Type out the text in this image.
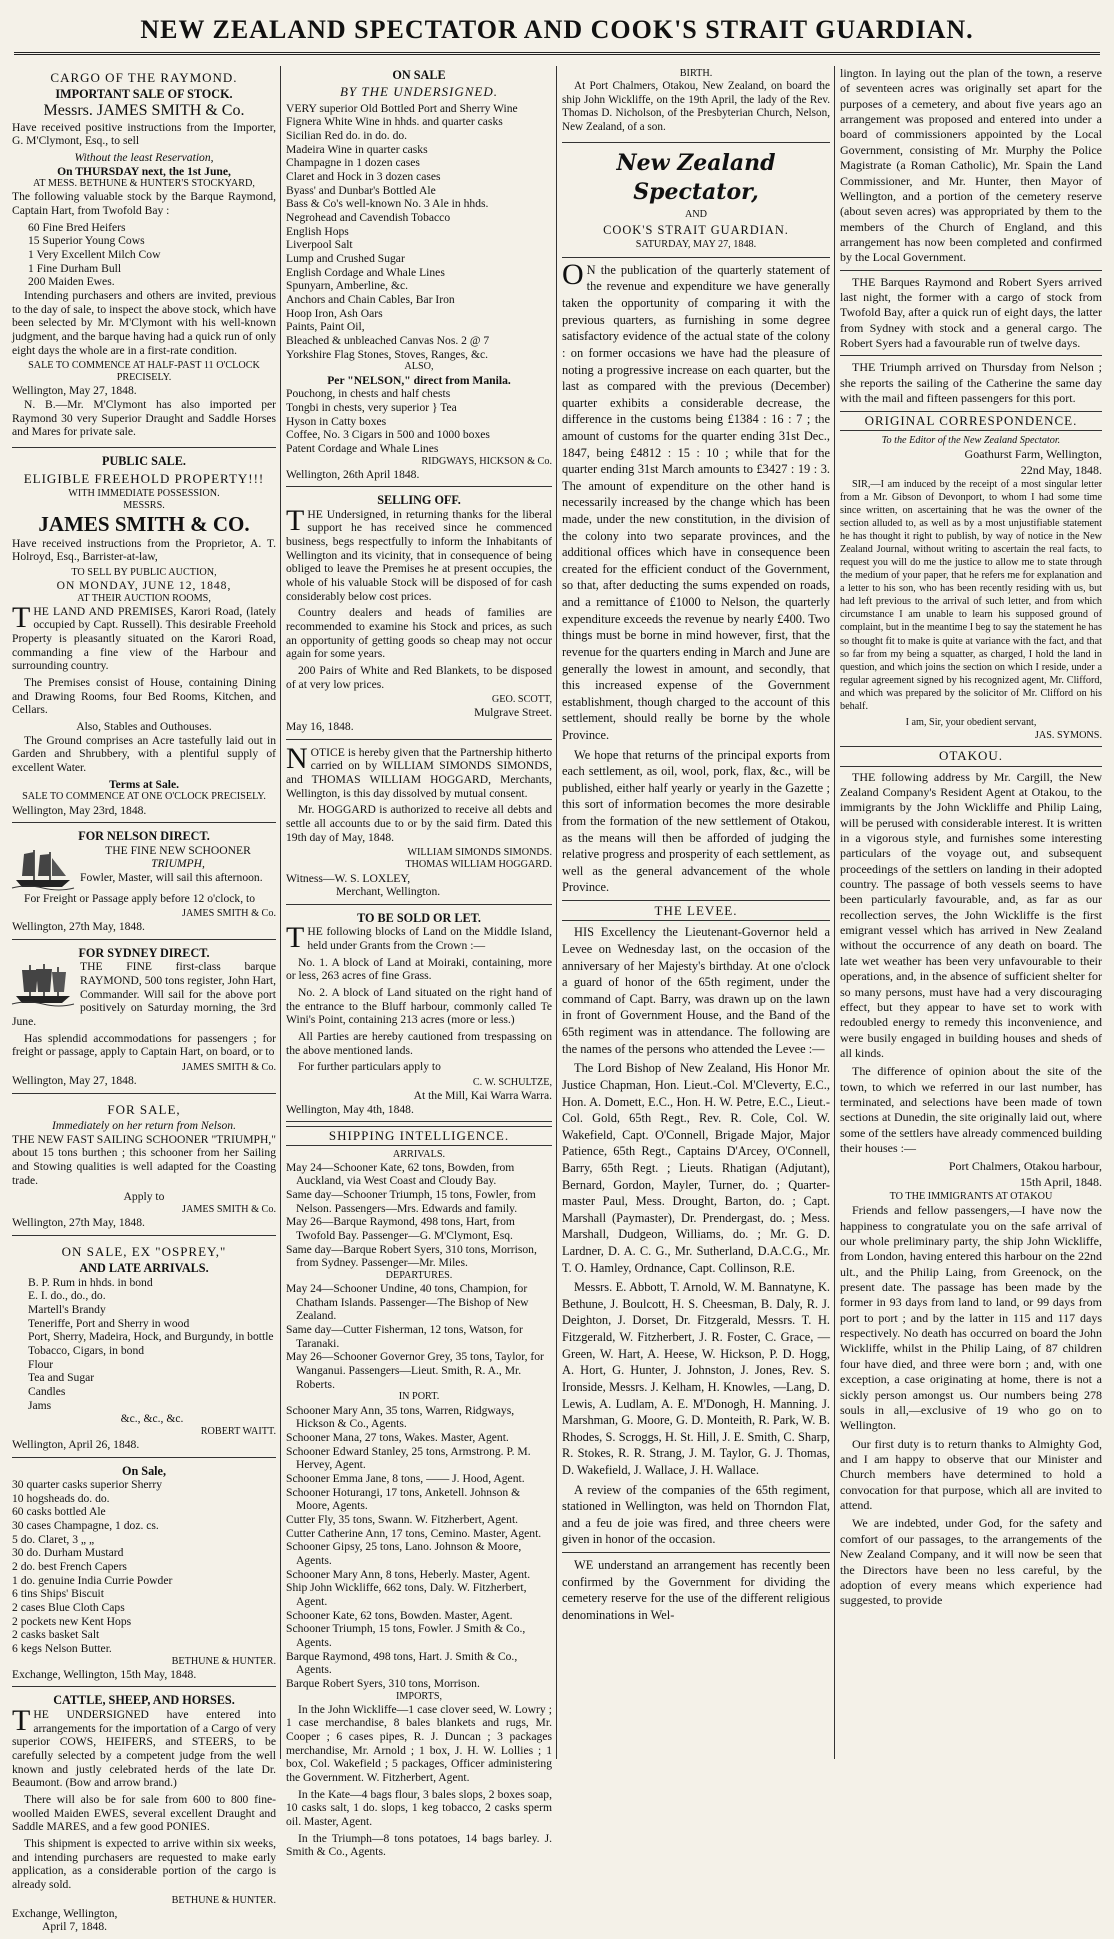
NEW ZEALAND SPECTATOR AND COOK'S STRAIT GUARDIAN.
CARGO OF THE RAYMOND.
IMPORTANT SALE OF STOCK.
Messrs. JAMES SMITH & Co.
Have received positive instructions from the Importer, G. M'Clymont, Esq., to sell
Without the least Reservation,
On THURSDAY next, the 1st June,
AT MESS. BETHUNE & HUNTER'S STOCKYARD,
The following valuable stock by the Barque Raymond, Captain Hart, from Twofold Bay :
60 Fine Bred Heifers
15 Superior Young Cows
1 Very Excellent Milch Cow
1 Fine Durham Bull
200 Maiden Ewes.
Intending purchasers and others are invited, previous to the day of sale, to inspect the above stock, which have been selected by Mr. M'Clymont with his well-known judgment, and the barque having had a quick run of only eight days the whole are in a first-rate condition.
SALE TO COMMENCE AT HALF-PAST 11 O'CLOCK PRECISELY.
Wellington, May 27, 1848.
N. B.—Mr. M'Clymont has also imported per Raymond 30 very Superior Draught and Saddle Horses and Mares for private sale.
PUBLIC SALE.
ELIGIBLE FREEHOLD PROPERTY!!!
WITH IMMEDIATE POSSESSION.
MESSRS.
JAMES SMITH & CO.
Have received instructions from the Proprietor, A. T. Holroyd, Esq., Barrister-at-law,
TO SELL BY PUBLIC AUCTION,
ON MONDAY, JUNE 12, 1848,
AT THEIR AUCTION ROOMS,
THE LAND AND PREMISES, Karori Road, (lately occupied by Capt. Russell). This desirable Freehold Property is pleasantly situated on the Karori Road, commanding a fine view of the Harbour and surrounding country.
The Premises consist of House, containing Dining and Drawing Rooms, four Bed Rooms, Kitchen, and Cellars.
Also, Stables and Outhouses.
The Ground comprises an Acre tastefully laid out in Garden and Shrubbery, with a plentiful supply of excellent Water.
Terms at Sale.
SALE TO COMMENCE AT ONE O'CLOCK PRECISELY.
Wellington, May 23rd, 1848.
FOR NELSON DIRECT.
THE FINE NEW SCHOONER
TRIUMPH,
Fowler, Master, will sail this afternoon.
For Freight or Passage apply before 12 o'clock, to
JAMES SMITH & Co.
Wellington, 27th May, 1848.
FOR SYDNEY DIRECT.
THE FINE first-class barque RAYMOND, 500 tons register, John Hart, Commander. Will sail for the above port positively on Saturday morning, the 3rd June.
Has splendid accommodations for passengers ; for freight or passage, apply to Captain Hart, on board, or to
JAMES SMITH & Co.
Wellington, May 27, 1848.
FOR SALE,
Immediately on her return from Nelson.
THE NEW FAST SAILING SCHOONER "TRIUMPH," about 15 tons burthen ; this schooner from her Sailing and Stowing qualities is well adapted for the Coasting trade.
Apply to
JAMES SMITH & Co.
Wellington, 27th May, 1848.
ON SALE, EX "OSPREY,"
AND LATE ARRIVALS.
B. P. Rum in hhds. in bond
E. I. do., do., do.
Martell's Brandy
Teneriffe, Port and Sherry in wood
Port, Sherry, Madeira, Hock, and Burgundy, in bottle
Tobacco, Cigars, in bond
Flour
Tea and Sugar
Candles
Jams
&c., &c., &c.
ROBERT WAITT.
Wellington, April 26, 1848.
On Sale,
30 quarter casks superior Sherry
10 hogsheads do. do.
60 casks bottled Ale
30 cases Champagne, 1 doz. cs.
5 do. Claret, 3 „ „
30 do. Durham Mustard
2 do. best French Capers
1 do. genuine India Currie Powder
6 tins Ships' Biscuit
2 cases Blue Cloth Caps
2 pockets new Kent Hops
2 casks basket Salt
6 kegs Nelson Butter.
BETHUNE & HUNTER.
Exchange, Wellington, 15th May, 1848.
CATTLE, SHEEP, AND HORSES.
THE UNDERSIGNED have entered into arrangements for the importation of a Cargo of very superior COWS, HEIFERS, and STEERS, to be carefully selected by a competent judge from the well known and justly celebrated herds of the late Dr. Beaumont. (Bow and arrow brand.)
There will also be for sale from 600 to 800 fine-woolled Maiden EWES, several excellent Draught and Saddle MARES, and a few good PONIES.
This shipment is expected to arrive within six weeks, and intending purchasers are requested to make early application, as a considerable portion of the cargo is already sold.
BETHUNE & HUNTER.
Exchange, Wellington,
April 7, 1848.
ON SALE
BY THE UNDERSIGNED.
VERY superior Old Bottled Port and Sherry Wine
Fignera White Wine in hhds. and quarter casks
Sicilian Red do. in do. do.
Madeira Wine in quarter casks
Champagne in 1 dozen cases
Claret and Hock in 3 dozen cases
Byass' and Dunbar's Bottled Ale
Bass & Co's well-known No. 3 Ale in hhds.
Negrohead and Cavendish Tobacco
English Hops
Liverpool Salt
Lump and Crushed Sugar
English Cordage and Whale Lines
Spunyarn, Amberline, &c.
Anchors and Chain Cables, Bar Iron
Hoop Iron, Ash Oars
Paints, Paint Oil,
Bleached & unbleached Canvas Nos. 2 @ 7
Yorkshire Flag Stones, Stoves, Ranges, &c.
ALSO,
Per "NELSON," direct from Manila.
Pouchong, in chests and half chests
Tongbi in chests, very superior } Tea
Hyson in Catty boxes
Coffee, No. 3 Cigars in 500 and 1000 boxes
Patent Cordage and Whale Lines
RIDGWAYS, HICKSON & Co.
Wellington, 26th April 1848.
SELLING OFF.
THE Undersigned, in returning thanks for the liberal support he has received since he commenced business, begs respectfully to inform the Inhabitants of Wellington and its vicinity, that in consequence of being obliged to leave the Premises he at present occupies, the whole of his valuable Stock will be disposed of for cash considerably below cost prices.
Country dealers and heads of families are recommended to examine his Stock and prices, as such an opportunity of getting goods so cheap may not occur again for some years.
200 Pairs of White and Red Blankets, to be disposed of at very low prices.
GEO. SCOTT,
Mulgrave Street.
May 16, 1848.
NOTICE is hereby given that the Partnership hitherto carried on by WILLIAM SIMONDS SIMONDS, and THOMAS WILLIAM HOGGARD, Merchants, Wellington, is this day dissolved by mutual consent.
Mr. HOGGARD is authorized to receive all debts and settle all accounts due to or by the said firm. Dated this 19th day of May, 1848.
WILLIAM SIMONDS SIMONDS.
THOMAS WILLIAM HOGGARD.
Witness—W. S. LOXLEY,
Merchant, Wellington.
TO BE SOLD OR LET.
THE following blocks of Land on the Middle Island, held under Grants from the Crown :—
No. 1. A block of Land at Moiraki, containing, more or less, 263 acres of fine Grass.
No. 2. A block of Land situated on the right hand of the entrance to the Bluff harbour, commonly called Te Wini's Point, containing 213 acres (more or less.)
All Parties are hereby cautioned from trespassing on the above mentioned lands.
For further particulars apply to
C. W. SCHULTZE,
At the Mill, Kai Warra Warra.
Wellington, May 4th, 1848.
SHIPPING INTELLIGENCE.
ARRIVALS.
May 24—Schooner Kate, 62 tons, Bowden, from Auckland, via West Coast and Cloudy Bay.
Same day—Schooner Triumph, 15 tons, Fowler, from Nelson. Passengers—Mrs. Edwards and family.
May 26—Barque Raymond, 498 tons, Hart, from Twofold Bay. Passenger—G. M'Clymont, Esq.
Same day—Barque Robert Syers, 310 tons, Morrison, from Sydney. Passenger—Mr. Miles.
DEPARTURES.
May 24—Schooner Undine, 40 tons, Champion, for Chatham Islands. Passenger—The Bishop of New Zealand.
Same day—Cutter Fisherman, 12 tons, Watson, for Taranaki.
May 26—Schooner Governor Grey, 35 tons, Taylor, for Wanganui. Passengers—Lieut. Smith, R. A., Mr. Roberts.
IN PORT.
Schooner Mary Ann, 35 tons, Warren, Ridgways, Hickson & Co., Agents.
Schooner Mana, 27 tons, Wakes. Master, Agent.
Schooner Edward Stanley, 25 tons, Armstrong. P. M. Hervey, Agent.
Schooner Emma Jane, 8 tons, —— J. Hood, Agent.
Schooner Hoturangi, 17 tons, Anketell. Johnson & Moore, Agents.
Cutter Fly, 35 tons, Swann. W. Fitzherbert, Agent.
Cutter Catherine Ann, 17 tons, Cemino. Master, Agent.
Schooner Gipsy, 25 tons, Lano. Johnson & Moore, Agents.
Schooner Mary Ann, 8 tons, Heberly. Master, Agent.
Ship John Wickliffe, 662 tons, Daly. W. Fitzherbert, Agent.
Schooner Kate, 62 tons, Bowden. Master, Agent.
Schooner Triumph, 15 tons, Fowler. J Smith & Co., Agents.
Barque Raymond, 498 tons, Hart. J. Smith & Co., Agents.
Barque Robert Syers, 310 tons, Morrison.
IMPORTS,
In the John Wickliffe—1 case clover seed, W. Lowry ; 1 case merchandise, 8 bales blankets and rugs, Mr. Cooper ; 6 cases pipes, R. J. Duncan ; 3 packages merchandise, Mr. Arnold ; 1 box, J. H. W. Lollies ; 1 box, Col. Wakefield ; 5 packages, Officer administering the Government. W. Fitzherbert, Agent.
In the Kate—4 bags flour, 3 bales slops, 2 boxes soap, 10 casks salt, 1 do. slops, 1 keg tobacco, 2 casks sperm oil. Master, Agent.
In the Triumph—8 tons potatoes, 14 bags barley. J. Smith & Co., Agents.
BIRTH.
At Port Chalmers, Otakou, New Zealand, on board the ship John Wickliffe, on the 19th April, the lady of the Rev. Thomas D. Nicholson, of the Presbyterian Church, Nelson, New Zealand, of a son.
New Zealand Spectator,
AND
COOK'S STRAIT GUARDIAN.
SATURDAY, MAY 27, 1848.
ON the publication of the quarterly statement of the revenue and expenditure we have generally taken the opportunity of comparing it with the previous quarters, as furnishing in some degree satisfactory evidence of the actual state of the colony : on former occasions we have had the pleasure of noting a progressive increase on each quarter, but the last as compared with the previous (December) quarter exhibits a considerable decrease, the difference in the customs being £1384 : 16 : 7 ; the amount of customs for the quarter ending 31st Dec., 1847, being £4812 : 15 : 10 ; while that for the quarter ending 31st March amounts to £3427 : 19 : 3. The amount of expenditure on the other hand is necessarily increased by the change which has been made, under the new constitution, in the division of the colony into two separate provinces, and the additional offices which have in consequence been created for the efficient conduct of the Government, so that, after deducting the sums expended on roads, and a remittance of £1000 to Nelson, the quarterly expenditure exceeds the revenue by nearly £400. Two things must be borne in mind however, first, that the revenue for the quarters ending in March and June are generally the lowest in amount, and secondly, that this increased expense of the Government establishment, though charged to the account of this settlement, should really be borne by the whole Province.
We hope that returns of the principal exports from each settlement, as oil, wool, pork, flax, &c., will be published, either half yearly or yearly in the Gazette ; this sort of information becomes the more desirable from the formation of the new settlement of Otakou, as the means will then be afforded of judging the relative progress and prosperity of each settlement, as well as the general advancement of the whole Province.
THE LEVEE.
HIS Excellency the Lieutenant-Governor held a Levee on Wednesday last, on the occasion of the anniversary of her Majesty's birthday. At one o'clock a guard of honor of the 65th regiment, under the command of Capt. Barry, was drawn up on the lawn in front of Government House, and the Band of the 65th regiment was in attendance. The following are the names of the persons who attended the Levee :—
The Lord Bishop of New Zealand, His Honor Mr. Justice Chapman, Hon. Lieut.-Col. M'Cleverty, E.C., Hon. A. Domett, E.C., Hon. H. W. Petre, E.C., Lieut.-Col. Gold, 65th Regt., Rev. R. Cole, Col. W. Wakefield, Capt. O'Connell, Brigade Major, Major Patience, 65th Regt., Captains D'Arcey, O'Connell, Barry, 65th Regt. ; Lieuts. Rhatigan (Adjutant), Bernard, Gordon, Mayler, Turner, do. ; Quarter-master Paul, Mess. Drought, Barton, do. ; Capt. Marshall (Paymaster), Dr. Prendergast, do. ; Mess. Marshall, Dudgeon, Williams, do. ; Mr. G. D. Lardner, D. A. C. G., Mr. Sutherland, D.A.C.G., Mr. T. O. Hamley, Ordnance, Capt. Collinson, R.E.
Messrs. E. Abbott, T. Arnold, W. M. Bannatyne, K. Bethune, J. Boulcott, H. S. Cheesman, B. Daly, R. J. Deighton, J. Dorset, Dr. Fitzgerald, Messrs. T. H. Fitzgerald, W. Fitzherbert, J. R. Foster, C. Grace, — Green, W. Hart, A. Heese, W. Hickson, P. D. Hogg, A. Hort, G. Hunter, J. Johnston, J. Jones, Rev. S. Ironside, Messrs. J. Kelham, H. Knowles, —Lang, D. Lewis, A. Ludlam, A. E. M'Donogh, H. Manning. J. Marshman, G. Moore, G. D. Monteith, R. Park, W. B. Rhodes, S. Scroggs, H. St. Hill, J. E. Smith, C. Sharp, R. Stokes, R. R. Strang, J. M. Taylor, G. J. Thomas, D. Wakefield, J. Wallace, J. H. Wallace.
A review of the companies of the 65th regiment, stationed in Wellington, was held on Thorndon Flat, and a feu de joie was fired, and three cheers were given in honor of the occasion.
WE understand an arrangement has recently been confirmed by the Government for dividing the cemetery reserve for the use of the different religious denominations in Wel-
lington. In laying out the plan of the town, a reserve of seventeen acres was originally set apart for the purposes of a cemetery, and about five years ago an arrangement was proposed and entered into under a board of commissioners appointed by the Local Government, consisting of Mr. Murphy the Police Magistrate (a Roman Catholic), Mr. Spain the Land Commissioner, and Mr. Hunter, then Mayor of Wellington, and a portion of the cemetery reserve (about seven acres) was appropriated by them to the members of the Church of England, and this arrangement has now been completed and confirmed by the Local Government.
THE Barques Raymond and Robert Syers arrived last night, the former with a cargo of stock from Twofold Bay, after a quick run of eight days, the latter from Sydney with stock and a general cargo. The Robert Syers had a favourable run of twelve days.
THE Triumph arrived on Thursday from Nelson ; she reports the sailing of the Catherine the same day with the mail and fifteen passengers for this port.
ORIGINAL CORRESPONDENCE.
To the Editor of the New Zealand Spectator.
Goathurst Farm, Wellington,
22nd May, 1848.
SIR,—I am induced by the receipt of a most singular letter from a Mr. Gibson of Devonport, to whom I had some time since written, on ascertaining that he was the owner of the section alluded to, as well as by a most unjustifiable statement he has thought it right to publish, by way of notice in the New Zealand Journal, without writing to ascertain the real facts, to request you will do me the justice to allow me to state through the medium of your paper, that he refers me for explanation and a letter to his son, who has been recently residing with us, but had left previous to the arrival of such letter, and from which circumstance I am unable to learn his supposed ground of complaint, but in the meantime I beg to say the statement he has so thought fit to make is quite at variance with the fact, and that so far from my being a squatter, as charged, I hold the land in question, and which joins the section on which I reside, under a regular agreement signed by his recognized agent, Mr. Clifford, and which was prepared by the solicitor of Mr. Clifford on his behalf.
I am, Sir, your obedient servant,
JAS. SYMONS.
OTAKOU.
THE following address by Mr. Cargill, the New Zealand Company's Resident Agent at Otakou, to the immigrants by the John Wickliffe and Philip Laing, will be perused with considerable interest. It is written in a vigorous style, and furnishes some interesting particulars of the voyage out, and subsequent proceedings of the settlers on landing in their adopted country. The passage of both vessels seems to have been particularly favourable, and, as far as our recollection serves, the John Wickliffe is the first emigrant vessel which has arrived in New Zealand without the occurrence of any death on board. The late wet weather has been very unfavourable to their operations, and, in the absence of sufficient shelter for so many persons, must have had a very discouraging effect, but they appear to have set to work with redoubled energy to remedy this inconvenience, and were busily engaged in building houses and sheds of all kinds.
The difference of opinion about the site of the town, to which we referred in our last number, has terminated, and selections have been made of town sections at Dunedin, the site originally laid out, where some of the settlers have already commenced building their houses :—
Port Chalmers, Otakou harbour,
15th April, 1848.
TO THE IMMIGRANTS AT OTAKOU
Friends and fellow passengers,—I have now the happiness to congratulate you on the safe arrival of our whole preliminary party, the ship John Wickliffe, from London, having entered this harbour on the 22nd ult., and the Philip Laing, from Greenock, on the present date. The passage has been made by the former in 93 days from land to land, or 99 days from port to port ; and by the latter in 115 and 117 days respectively. No death has occurred on board the John Wickliffe, whilst in the Philip Laing, of 87 children four have died, and three were born ; and, with one exception, a case originating at home, there is not a sickly person amongst us. Our numbers being 278 souls in all,—exclusive of 19 who go on to Wellington.
Our first duty is to return thanks to Almighty God, and I am happy to observe that our Minister and Church members have determined to hold a convocation for that purpose, which all are invited to attend.
We are indebted, under God, for the safety and comfort of our passages, to the arrangements of the New Zealand Company, and it will now be seen that the Directors have been no less careful, by the adoption of every means which experience had suggested, to provide
